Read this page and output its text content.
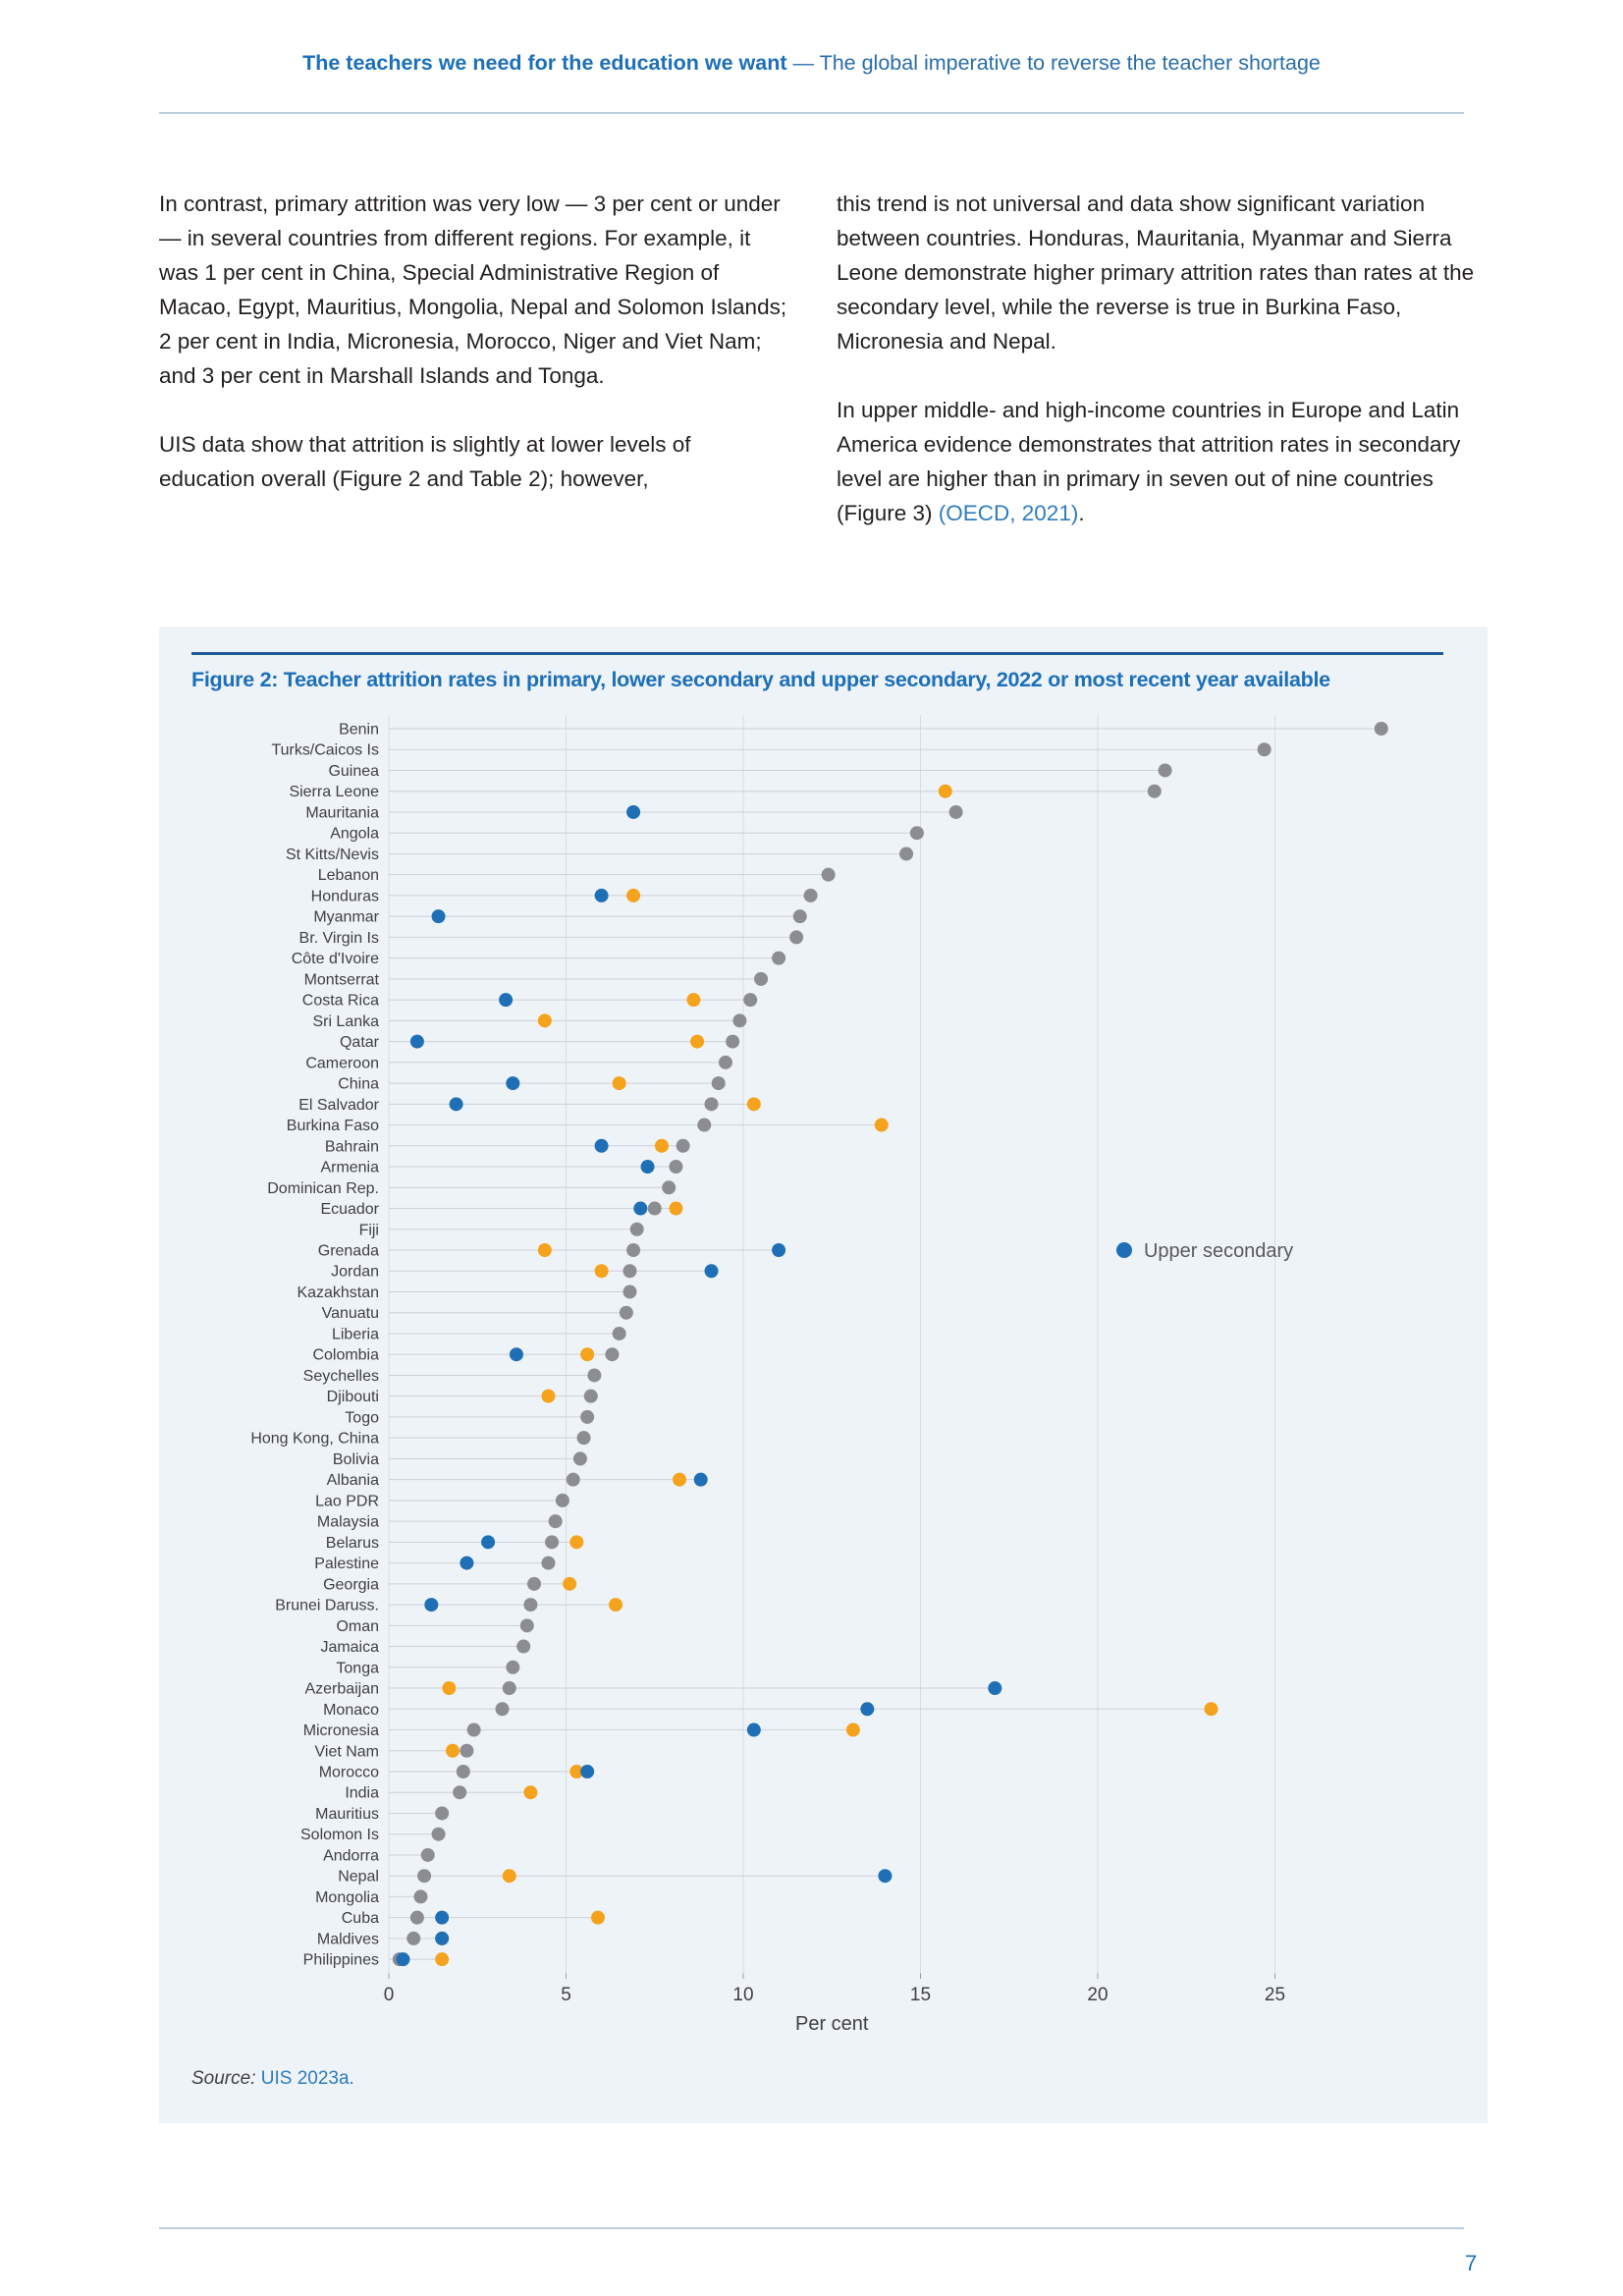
The teachers we need for the education we want — The global imperative to reverse the teacher shortage

In contrast, primary attrition was very low — 3 per cent or under — in several countries from different regions. For example, it was 1 per cent in China, Special Administrative Region of Macao, Egypt, Mauritius, Mongolia, Nepal and Solomon Islands; 2 per cent in India, Micronesia, Morocco, Niger and Viet Nam; and 3 per cent in Marshall Islands and Tonga.

UIS data show that attrition is slightly at lower levels of education overall (Figure 2 and Table 2); however,

this trend is not universal and data show significant variation between countries. Honduras, Mauritania, Myanmar and Sierra Leone demonstrate higher primary attrition rates than rates at the secondary level, while the reverse is true in Burkina Faso, Micronesia and Nepal.

In upper middle- and high-income countries in Europe and Latin America evidence demonstrates that attrition rates in secondary level are higher than in primary in seven out of nine countries (Figure 3) (OECD, 2021).

Figure 2: Teacher attrition rates in primary, lower secondary and upper secondary, 2022 or most recent year available
0	5	10	15	20	25
Per cent
Benin
Turks/Caicos Is
Guinea
Sierra Leone
Mauritania
Angola
St Kitts/Nevis
Lebanon
Honduras
Myanmar
Br. Virgin Is
Côte d'Ivoire
Montserrat
Costa Rica
Sri Lanka
Qatar
Cameroon
China
El Salvador
Burkina Faso
Bahrain
Armenia
Dominican Rep.
Ecuador
Fiji
Grenada
Jordan
Kazakhstan
Vanuatu
Liberia
Colombia
Seychelles
Djibouti
Togo
Hong Kong, China
Bolivia
Albania
Lao PDR
Malaysia
Belarus
Palestine
Georgia
Brunei Daruss.
Oman
Jamaica
Tonga
Azerbaijan
Monaco
Micronesia
Viet Nam
Morocco
India
Mauritius
Solomon Is
Andorra
Nepal
Mongolia
Cuba
Maldives
Philippines
Upper secondary
Source: UIS 2023a.
7
